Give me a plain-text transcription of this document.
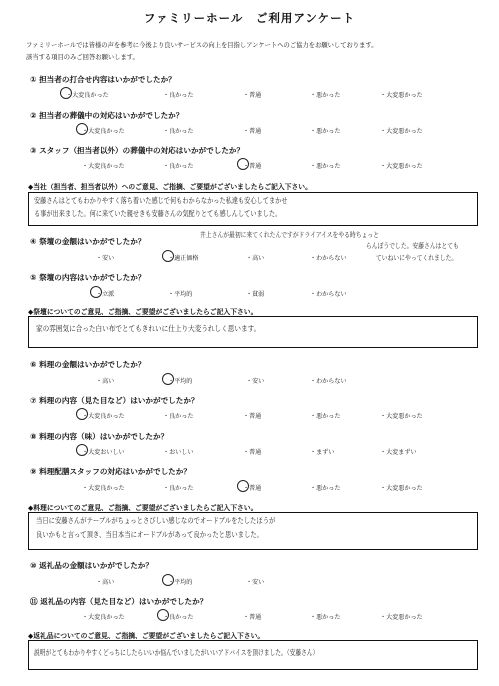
ファミリーホール　ご利用アンケート
ファミリーホールでは皆様の声を参考に今後より良いサービスの向上を目指しアンケートへのご協力をお願いしております。
該当する項目のみご回答お願いします。
① 担当者の打合せ内容はいかがでしたか？
・大変良かった	・良かった	・普通	・悪かった	・大変悪かった
② 担当者の葬儀中の対応はいかがでしたか？
・大変良かった	・良かった	・普通	・悪かった	・大変悪かった
③ スタッフ（担当者以外）の葬儀中の対応はいかがでしたか？
・大変良かった	・良かった	・普通	・悪かった	・大変悪かった
◆当社（担当者、担当者以外）へのご意見、ご指摘、ご要望がございましたらご記入下さい。
安藤さんはとてもわかりやすく落ち着いた感じで何もわからなかった私達も安心してまかせ
る事が出来ました。何に来ていた親せきも安藤さんの気配りとても感しんしていました。
④ 祭壇の金額はいかがでしたか？
井上さんが最初に来てくれたんですがドライアイスをやる時ちょっと
らんぼうでした。安藤さんはとても
ていねいにやってくれました。
・安い	・適正価格	・高い	・わからない
⑤ 祭壇の内容はいかがでしたか？
・立派	・平均的	・貧弱	・わからない
◆祭壇についてのご意見、ご指摘、ご要望がございましたらご記入下さい。
家の雰囲気に合った白い布でとてもきれいに仕上り大変うれしく思います。
⑥ 料理の金額はいかがでしたか？
・高い	・平均的	・安い	・わからない
⑦ 料理の内容（見た目など）はいかがでしたか？
・大変良かった	・良かった	・普通	・悪かった	・大変悪かった
⑧ 料理の内容（味）はいかがでしたか？
・大変おいしい	・おいしい	・普通	・まずい	・大変まずい
⑨ 料理配膳スタッフの対応はいかがでしたか？
・大変良かった	・良かった	・普通	・悪かった	・大変悪かった
◆料理についてのご意見、ご指摘、ご要望がございましたらご記入下さい。
当日に安藤さんがテーブルがちょっとさびしい感じなのでオードブルをたしたほうが
良いかもと言って頂き、当日本当にオードブルがあって良かったと思いました。
⑩ 返礼品の金額はいかがでしたか？
・高い	・平均的	・安い
⑪ 返礼品の内容（見た目など）はいかがでしたか？
・大変良かった	・良かった	・普通	・悪かった	・大変悪かった
◆返礼品についてのご意見、ご指摘、ご要望がございましたらご記入下さい。
説明がとてもわかりやすくどっちにしたらいいか悩んでいましたがいいアドバイスを頂けました。（安藤さん）
